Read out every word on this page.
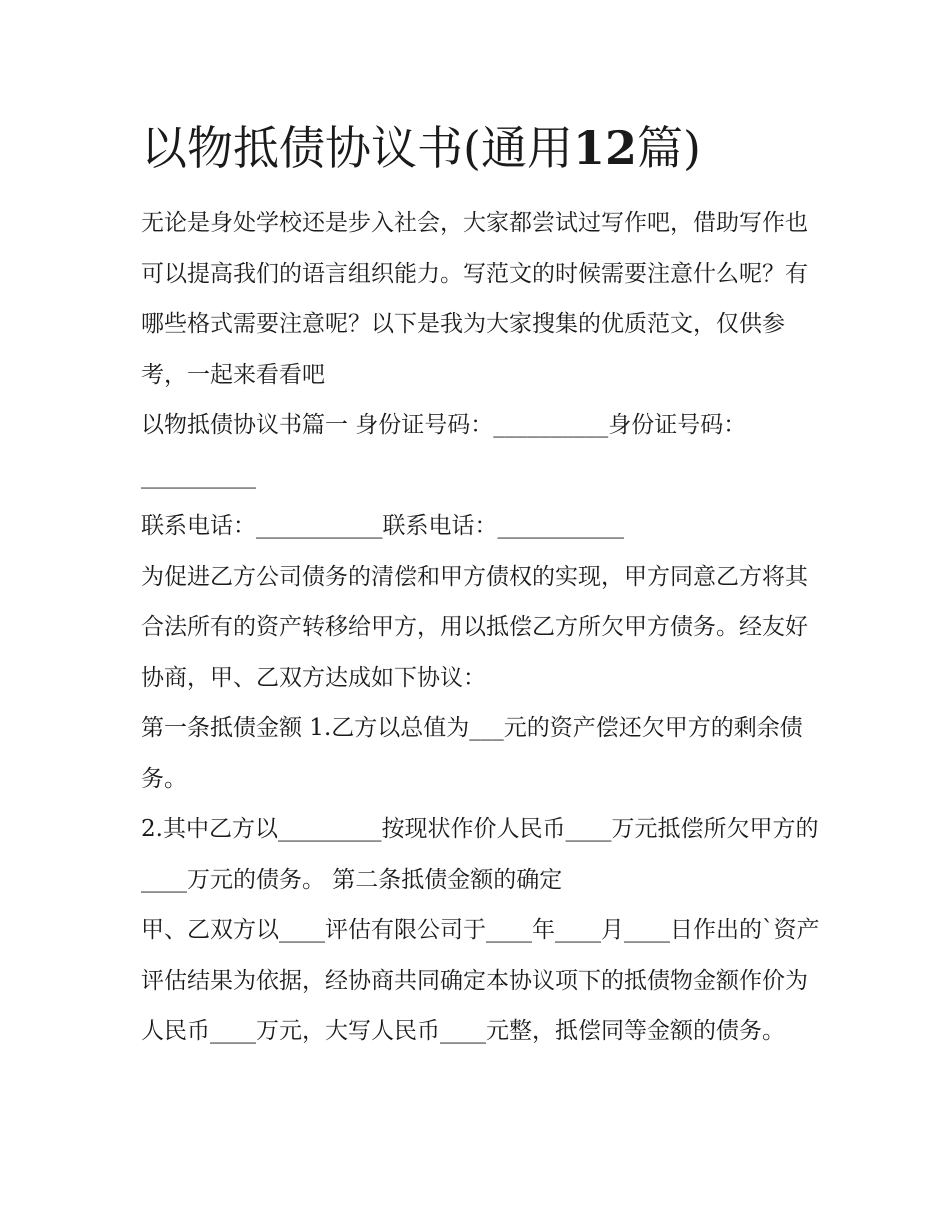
以物抵债协议书(通用12篇)

无论是身处学校还是步入社会，大家都尝试过写作吧，借助写作也可以提高我们的语言组织能力。写范文的时候需要注意什么呢？有哪些格式需要注意呢？以下是我为大家搜集的优质范文，仅供参考，一起来看看吧

以物抵债协议书篇一 身份证号码：__________身份证号码：__________

联系电话：___________联系电话：___________

为促进乙方公司债务的清偿和甲方债权的实现，甲方同意乙方将其合法所有的资产转移给甲方，用以抵偿乙方所欠甲方债务。经友好协商，甲、乙双方达成如下协议：

第一条抵债金额 1.乙方以总值为___元的资产偿还欠甲方的剩余债务。

2.其中乙方以_________按现状作价人民币____万元抵偿所欠甲方的____万元的债务。 第二条抵债金额的确定

甲、乙双方以____评估有限公司于____年____月____日作出的`资产评估结果为依据，经协商共同确定本协议项下的抵债物金额作价为人民币____万元，大写人民币____元整，抵偿同等金额的债务。
